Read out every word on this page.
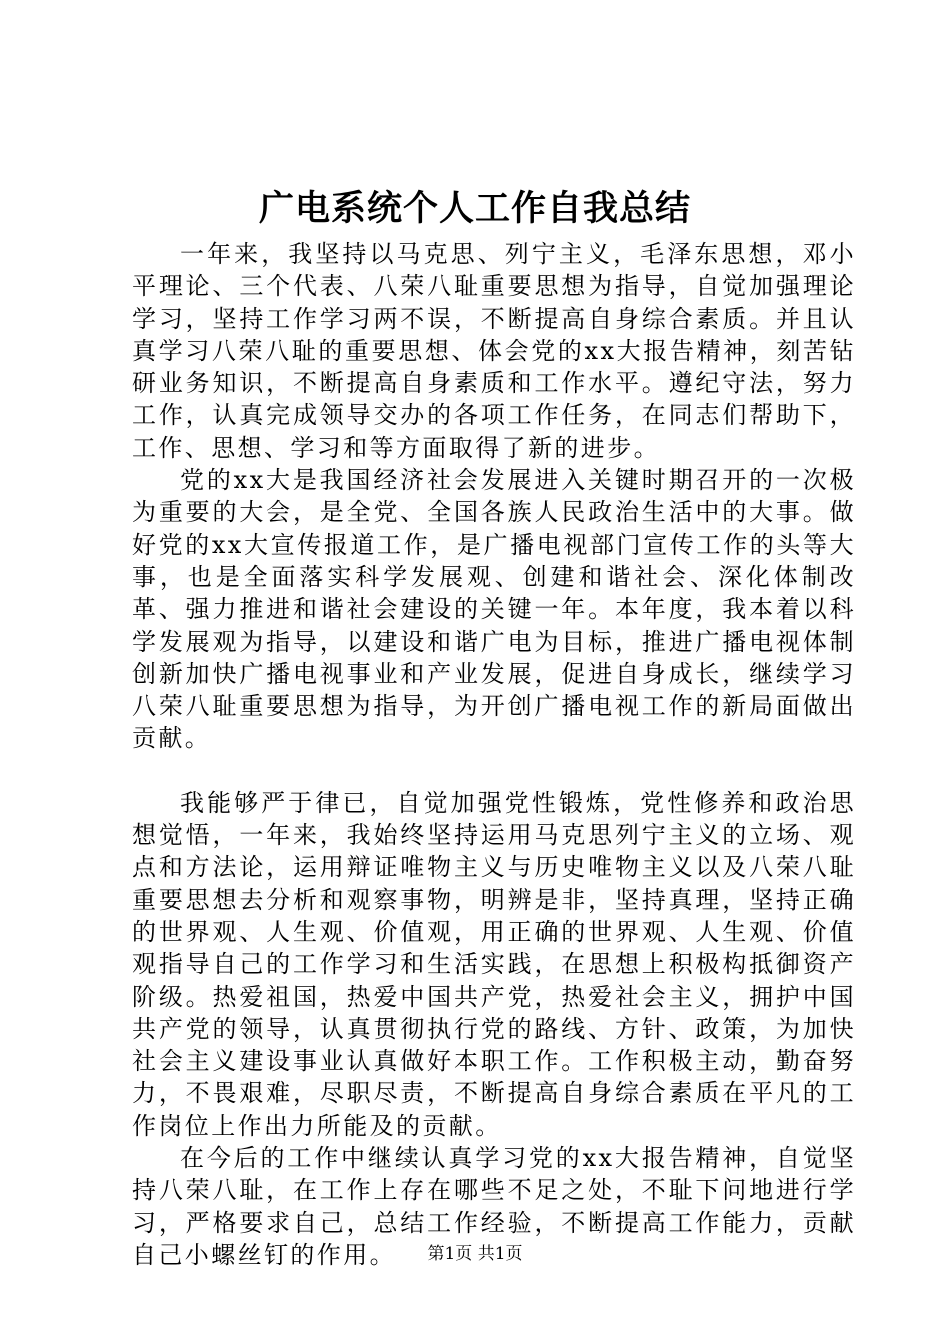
广电系统个人工作自我总结

一年来，我坚持以马克思、列宁主义，毛泽东思想，邓小平理论、三个代表、八荣八耻重要思想为指导，自觉加强理论学习，坚持工作学习两不误，不断提高自身综合素质。并且认真学习八荣八耻的重要思想、体会党的xx大报告精神，刻苦钻研业务知识，不断提高自身素质和工作水平。遵纪守法，努力工作，认真完成领导交办的各项工作任务，在同志们帮助下，工作、思想、学习和等方面取得了新的进步。

党的xx大是我国经济社会发展进入关键时期召开的一次极为重要的大会，是全党、全国各族人民政治生活中的大事。做好党的xx大宣传报道工作，是广播电视部门宣传工作的头等大事，也是全面落实科学发展观、创建和谐社会、深化体制改革、强力推进和谐社会建设的关键一年。本年度，我本着以科学发展观为指导，以建设和谐广电为目标，推进广播电视体制创新加快广播电视事业和产业发展，促进自身成长，继续学习八荣八耻重要思想为指导，为开创广播电视工作的新局面做出贡献。

我能够严于律已，自觉加强党性锻炼，党性修养和政治思想觉悟，一年来，我始终坚持运用马克思列宁主义的立场、观点和方法论，运用辩证唯物主义与历史唯物主义以及八荣八耻重要思想去分析和观察事物，明辨是非，坚持真理，坚持正确的世界观、人生观、价值观，用正确的世界观、人生观、价值观指导自己的工作学习和生活实践，在思想上积极构抵御资产阶级。热爱祖国，热爱中国共产党，热爱社会主义，拥护中国共产党的领导，认真贯彻执行党的路线、方针、政策，为加快社会主义建设事业认真做好本职工作。工作积极主动，勤奋努力，不畏艰难，尽职尽责，不断提高自身综合素质在平凡的工作岗位上作出力所能及的贡献。

在今后的工作中继续认真学习党的xx大报告精神，自觉坚持八荣八耻，在工作上存在哪些不足之处，不耻下问地进行学习，严格要求自己，总结工作经验，不断提高工作能力，贡献自己小螺丝钉的作用。	第1页 共1页
